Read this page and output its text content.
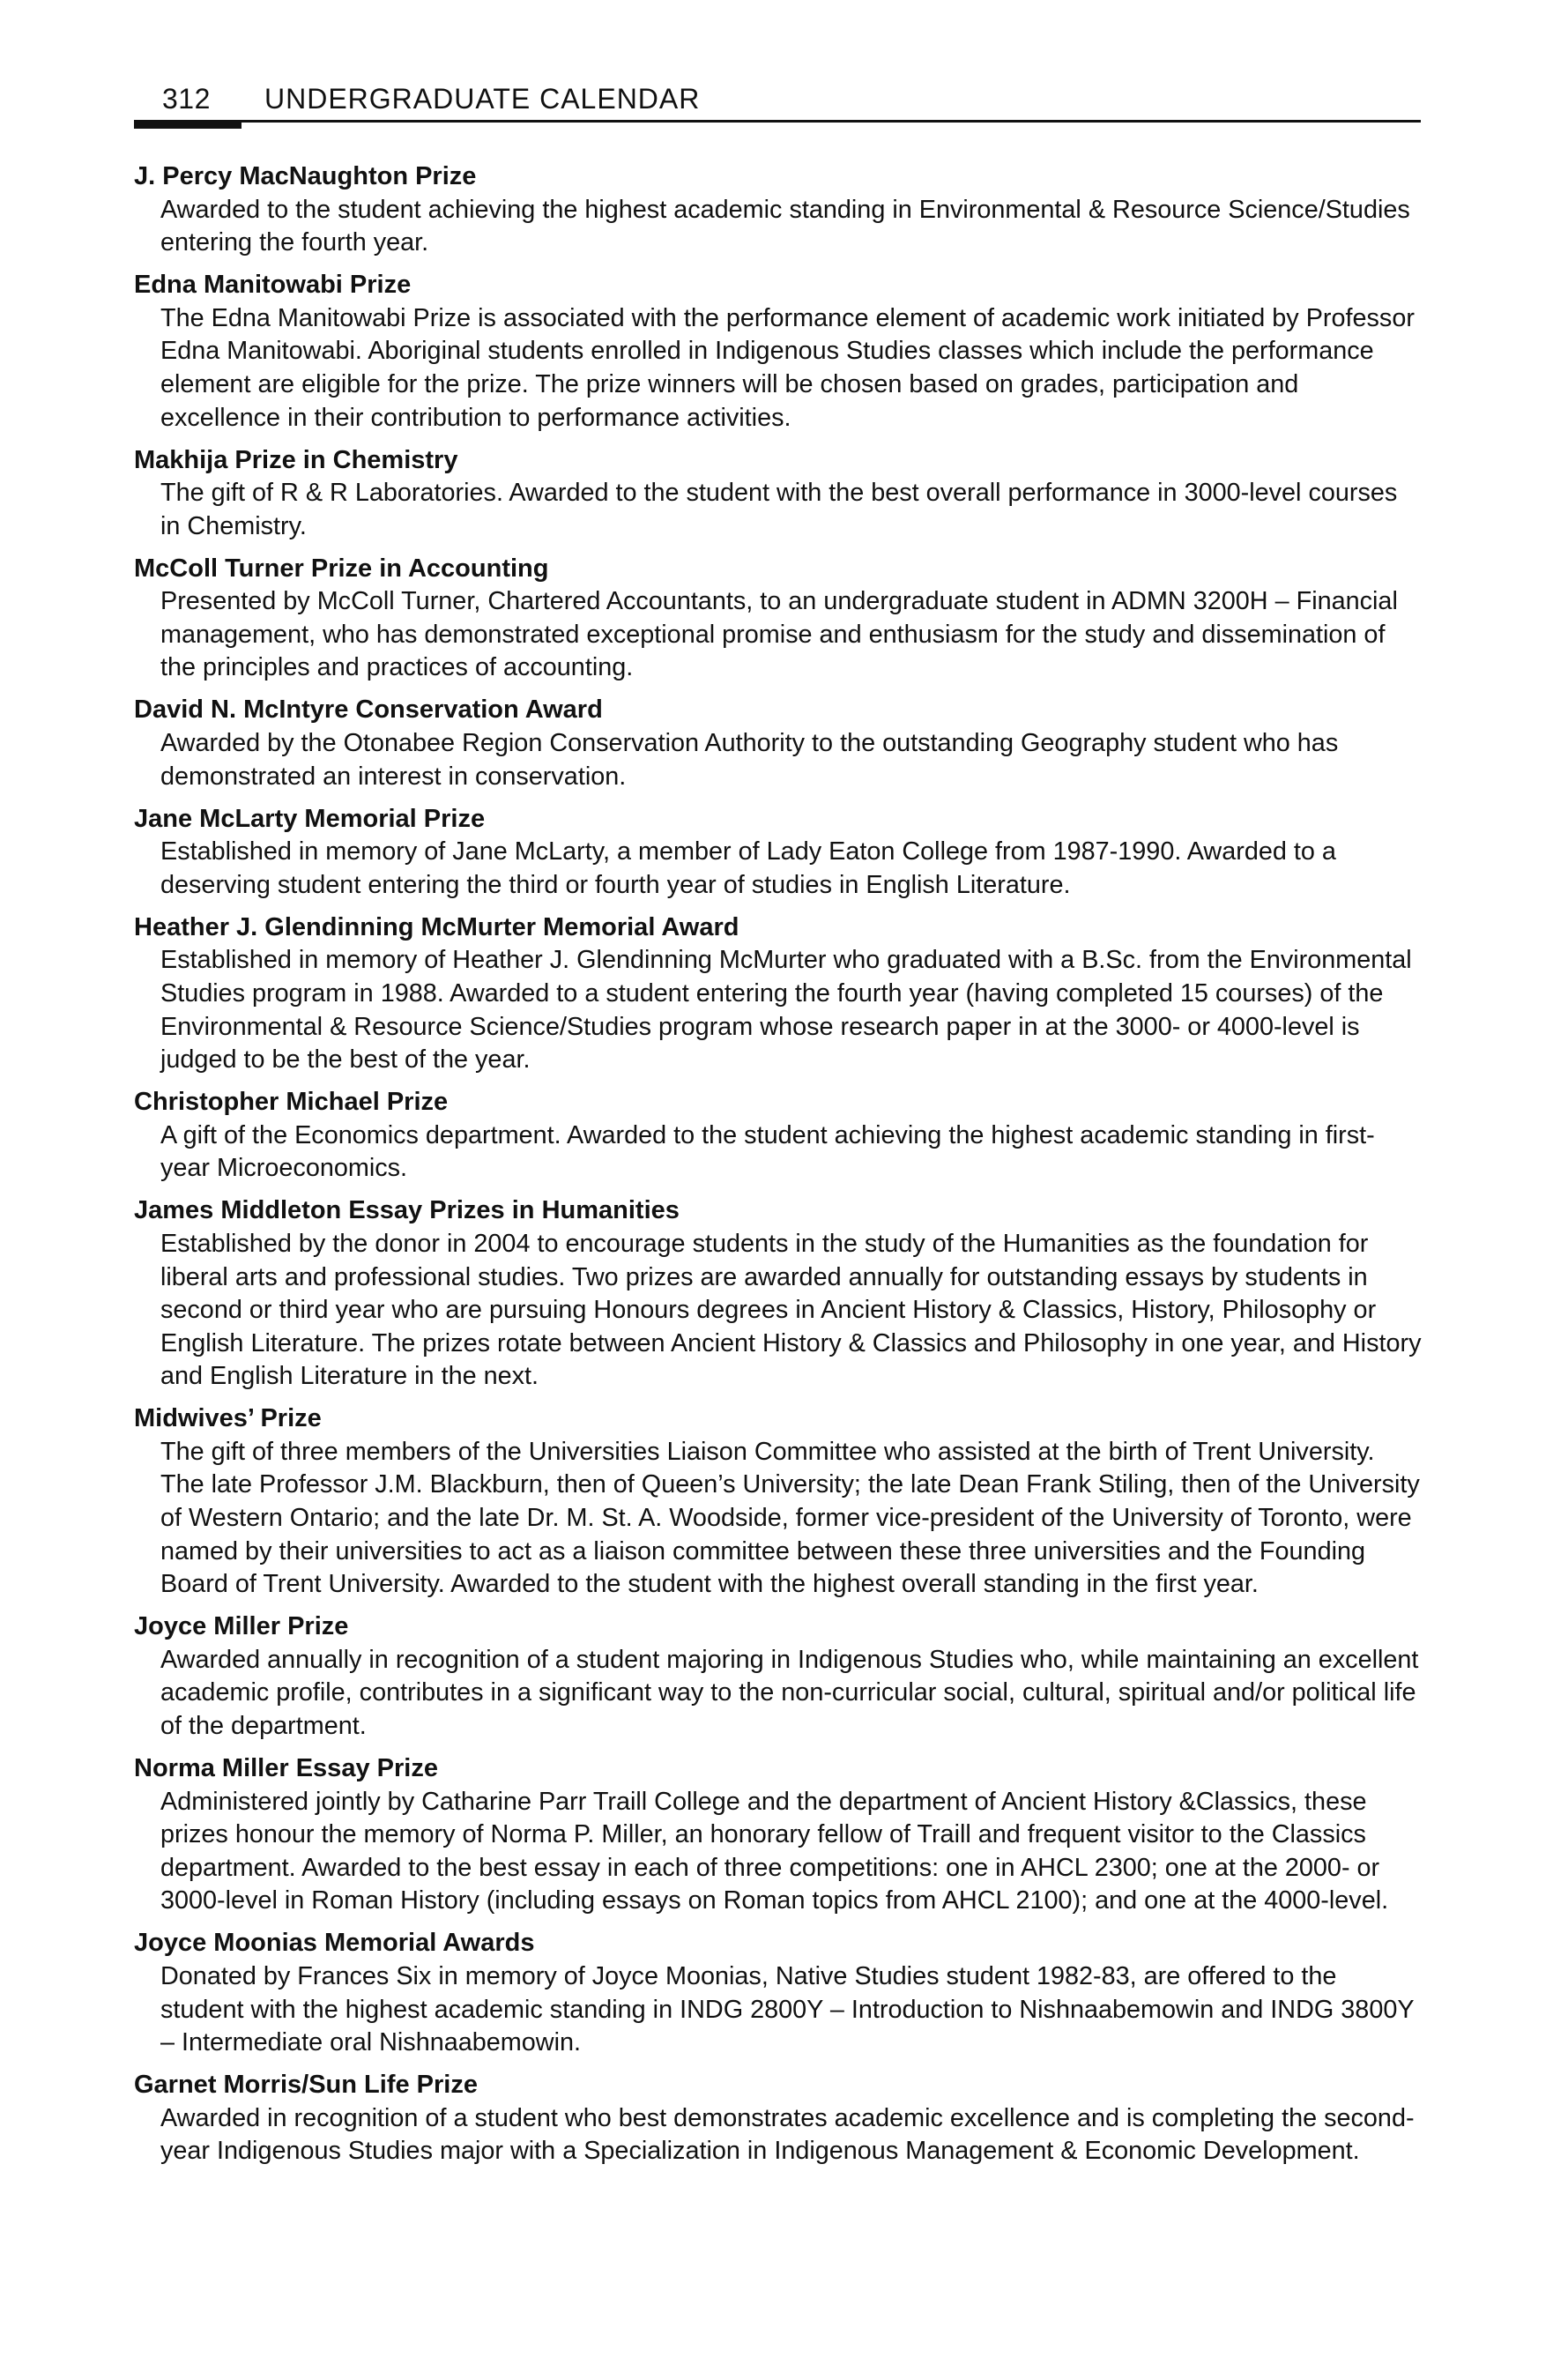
312 UNDERGRADUATE CALENDAR

J. Percy MacNaughton Prize

Awarded to the student achieving the highest academic standing in Environmental & Resource Science/Studies entering the fourth year.

Edna Manitowabi Prize

The Edna Manitowabi Prize is associated with the performance element of academic work initiated by Professor Edna Manitowabi. Aboriginal students enrolled in Indigenous Studies classes which include the performance element are eligible for the prize. The prize winners will be chosen based on grades, participation and excellence in their contribution to performance activities.

Makhija Prize in Chemistry

The gift of R & R Laboratories. Awarded to the student with the best overall performance in 3000-level courses in Chemistry.

McColl Turner Prize in Accounting

Presented by McColl Turner, Chartered Accountants, to an undergraduate student in ADMN 3200H – Financial management, who has demonstrated exceptional promise and enthusiasm for the study and dissemination of the principles and practices of accounting.

David N. McIntyre Conservation Award

Awarded by the Otonabee Region Conservation Authority to the outstanding Geography student who has demonstrated an interest in conservation.

Jane McLarty Memorial Prize

Established in memory of Jane McLarty, a member of Lady Eaton College from 1987-1990. Awarded to a deserving student entering the third or fourth year of studies in English Literature.

Heather J. Glendinning McMurter Memorial Award

Established in memory of Heather J. Glendinning McMurter who graduated with a B.Sc. from the Environmental Studies program in 1988. Awarded to a student entering the fourth year (having completed 15 courses) of the Environmental & Resource Science/Studies program whose research paper in at the 3000- or 4000-level is judged to be the best of the year.

Christopher Michael Prize

A gift of the Economics department. Awarded to the student achieving the highest academic standing in first-year Microeconomics.

James Middleton Essay Prizes in Humanities

Established by the donor in 2004 to encourage students in the study of the Humanities as the foundation for liberal arts and professional studies. Two prizes are awarded annually for outstanding essays by students in second or third year who are pursuing Honours degrees in Ancient History & Classics, History, Philosophy or English Literature. The prizes rotate between Ancient History & Classics and Philosophy in one year, and History and English Literature in the next.

Midwives’ Prize

The gift of three members of the Universities Liaison Committee who assisted at the birth of Trent University. The late Professor J.M. Blackburn, then of Queen’s University; the late Dean Frank Stiling, then of the University of Western Ontario; and the late Dr. M. St. A. Woodside, former vice-president of the University of Toronto, were named by their universities to act as a liaison committee between these three universities and the Founding Board of Trent University. Awarded to the student with the highest overall standing in the first year.

Joyce Miller Prize

Awarded annually in recognition of a student majoring in Indigenous Studies who, while maintaining an excellent academic profile, contributes in a significant way to the non-curricular social, cultural, spiritual and/or political life of the department.

Norma Miller Essay Prize

Administered jointly by Catharine Parr Traill College and the department of Ancient History &Classics, these prizes honour the memory of Norma P. Miller, an honorary fellow of Traill and frequent visitor to the Classics department. Awarded to the best essay in each of three competitions: one in AHCL 2300; one at the 2000- or 3000-level in Roman History (including essays on Roman topics from AHCL 2100); and one at the 4000-level.

Joyce Moonias Memorial Awards

Donated by Frances Six in memory of Joyce Moonias, Native Studies student 1982-83, are offered to the student with the highest academic standing in INDG 2800Y – Introduction to Nishnaabemowin and INDG 3800Y – Intermediate oral Nishnaabemowin.

Garnet Morris/Sun Life Prize

Awarded in recognition of a student who best demonstrates academic excellence and is completing the second-year Indigenous Studies major with a Specialization in Indigenous Management & Economic Development.
